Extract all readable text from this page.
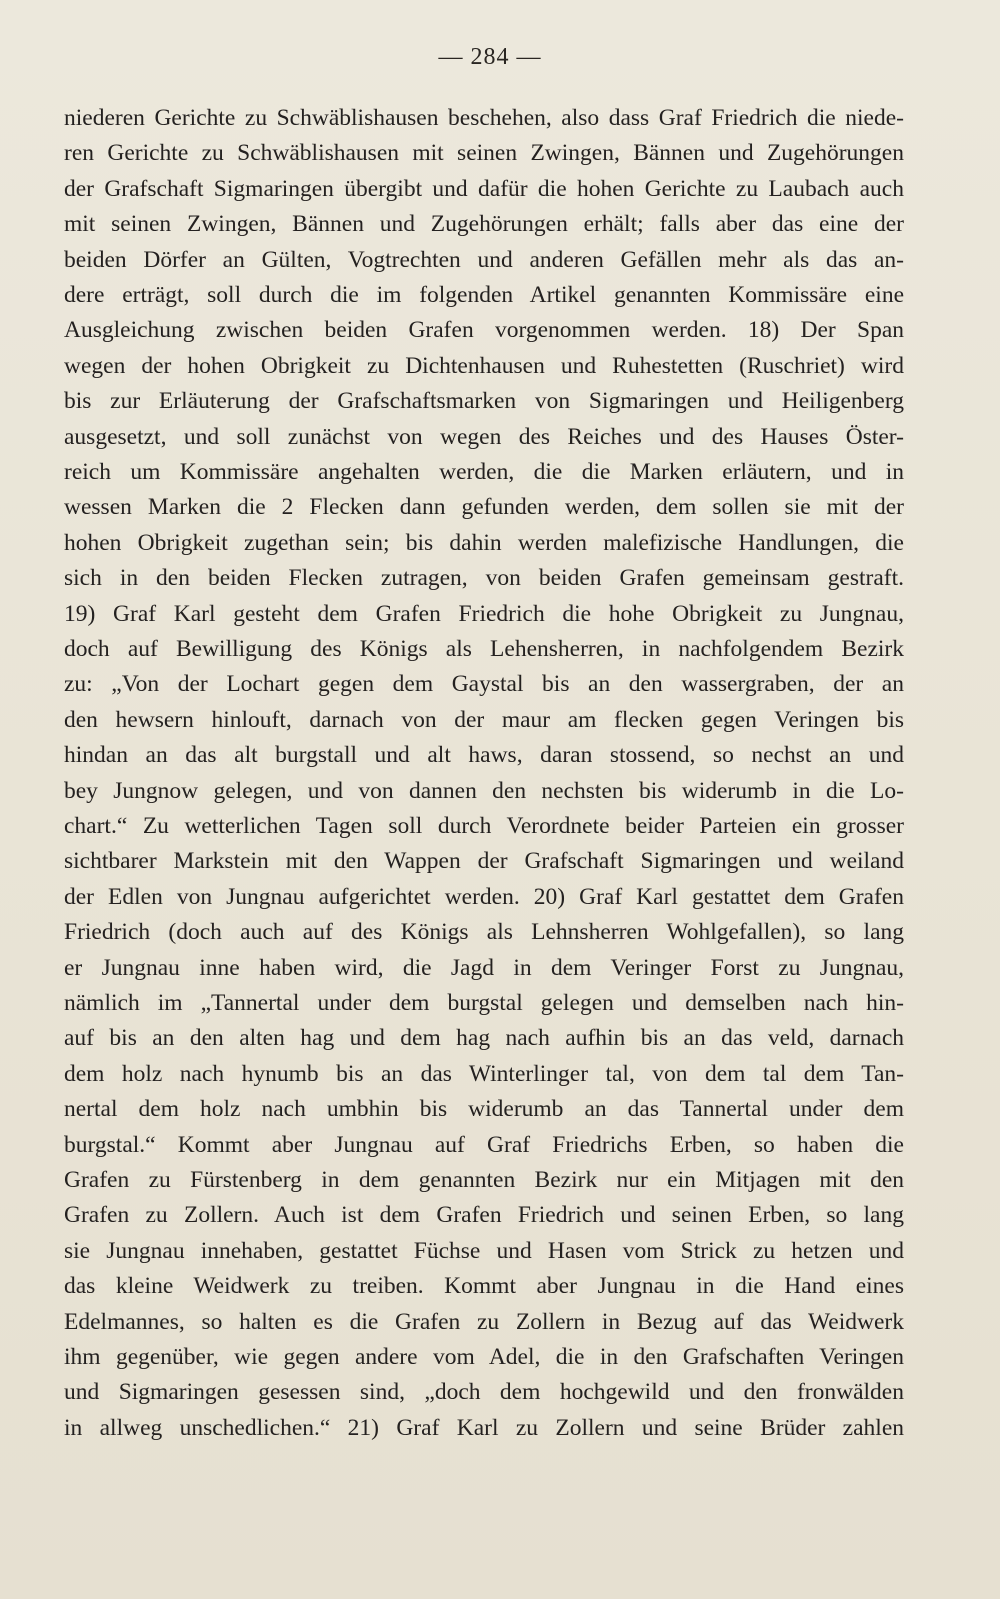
— 284 —
niederen Gerichte zu Schwäblishausen beschehen, also dass Graf Friedrich die niede-
ren Gerichte zu Schwäblishausen mit seinen Zwingen, Bännen und Zugehörungen
der Grafschaft Sigmaringen übergibt und dafür die hohen Gerichte zu Laubach auch
mit seinen Zwingen, Bännen und Zugehörungen erhält; falls aber das eine der
beiden Dörfer an Gülten, Vogtrechten und anderen Gefällen mehr als das an-
dere erträgt, soll durch die im folgenden Artikel genannten Kommissäre eine
Ausgleichung zwischen beiden Grafen vorgenommen werden. 18) Der Span
wegen der hohen Obrigkeit zu Dichtenhausen und Ruhestetten (Ruschriet) wird
bis zur Erläuterung der Grafschaftsmarken von Sigmaringen und Heiligenberg
ausgesetzt, und soll zunächst von wegen des Reiches und des Hauses Öster-
reich um Kommissäre angehalten werden, die die Marken erläutern, und in
wessen Marken die 2 Flecken dann gefunden werden, dem sollen sie mit der
hohen Obrigkeit zugethan sein; bis dahin werden malefizische Handlungen, die
sich in den beiden Flecken zutragen, von beiden Grafen gemeinsam gestraft.
19) Graf Karl gesteht dem Grafen Friedrich die hohe Obrigkeit zu Jungnau,
doch auf Bewilligung des Königs als Lehensherren, in nachfolgendem Bezirk
zu: „Von der Lochart gegen dem Gaystal bis an den wassergraben, der an
den hewsern hinlouft, darnach von der maur am flecken gegen Veringen bis
hindan an das alt burgstall und alt haws, daran stossend, so nechst an und
bey Jungnow gelegen, und von dannen den nechsten bis widerumb in die Lo-
chart.“ Zu wetterlichen Tagen soll durch Verordnete beider Parteien ein grosser
sichtbarer Markstein mit den Wappen der Grafschaft Sigmaringen und weiland
der Edlen von Jungnau aufgerichtet werden. 20) Graf Karl gestattet dem Grafen
Friedrich (doch auch auf des Königs als Lehnsherren Wohlgefallen), so lang
er Jungnau inne haben wird, die Jagd in dem Veringer Forst zu Jungnau,
nämlich im „Tannertal under dem burgstal gelegen und demselben nach hin-
auf bis an den alten hag und dem hag nach aufhin bis an das veld, darnach
dem holz nach hynumb bis an das Winterlinger tal, von dem tal dem Tan-
nertal dem holz nach umbhin bis widerumb an das Tannertal under dem
burgstal.“ Kommt aber Jungnau auf Graf Friedrichs Erben, so haben die
Grafen zu Fürstenberg in dem genannten Bezirk nur ein Mitjagen mit den
Grafen zu Zollern. Auch ist dem Grafen Friedrich und seinen Erben, so lang
sie Jungnau innehaben, gestattet Füchse und Hasen vom Strick zu hetzen und
das kleine Weidwerk zu treiben. Kommt aber Jungnau in die Hand eines
Edelmannes, so halten es die Grafen zu Zollern in Bezug auf das Weidwerk
ihm gegenüber, wie gegen andere vom Adel, die in den Grafschaften Veringen
und Sigmaringen gesessen sind, „doch dem hochgewild und den fronwälden
in allweg unschedlichen.“ 21) Graf Karl zu Zollern und seine Brüder zahlen
